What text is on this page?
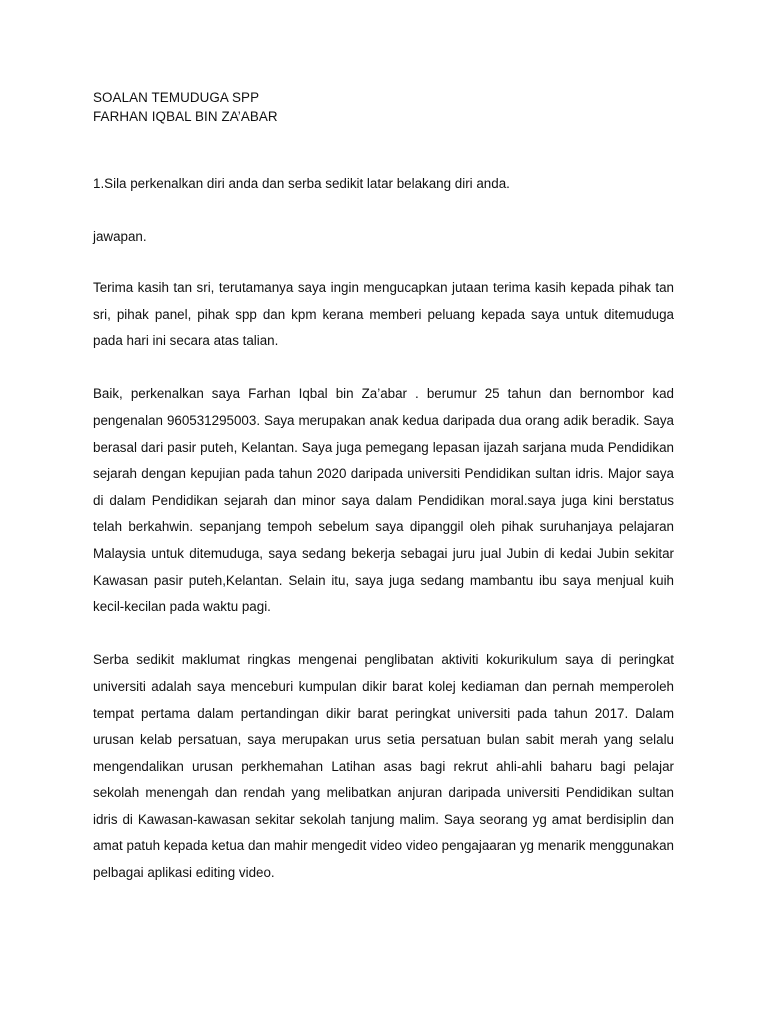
SOALAN TEMUDUGA SPP

FARHAN IQBAL BIN ZA’ABAR

1.Sila perkenalkan diri anda dan serba sedikit latar belakang diri anda.

jawapan.

Terima kasih tan sri, terutamanya saya ingin mengucapkan jutaan terima kasih kepada pihak tan sri, pihak panel, pihak spp dan kpm kerana memberi peluang kepada saya untuk ditemuduga pada hari ini secara atas talian.

Baik, perkenalkan saya Farhan Iqbal bin Za’abar . berumur 25 tahun dan bernombor kad pengenalan 960531295003. Saya merupakan anak kedua daripada dua orang adik beradik. Saya berasal dari pasir puteh, Kelantan. Saya juga pemegang lepasan ijazah sarjana muda Pendidikan sejarah dengan kepujian pada tahun 2020 daripada universiti Pendidikan sultan idris. Major saya di dalam Pendidikan sejarah dan minor saya dalam Pendidikan moral.saya juga kini berstatus telah berkahwin. sepanjang tempoh sebelum saya dipanggil oleh pihak suruhanjaya pelajaran Malaysia untuk ditemuduga, saya sedang bekerja sebagai juru jual Jubin di kedai Jubin sekitar Kawasan pasir puteh,Kelantan. Selain itu, saya juga sedang mambantu ibu saya menjual kuih kecil-kecilan pada waktu pagi.

Serba sedikit maklumat ringkas mengenai penglibatan aktiviti kokurikulum saya di peringkat universiti adalah saya menceburi kumpulan dikir barat kolej kediaman dan pernah memperoleh tempat pertama dalam pertandingan dikir barat peringkat universiti pada tahun 2017. Dalam urusan kelab persatuan, saya merupakan urus setia persatuan bulan sabit merah yang selalu mengendalikan urusan perkhemahan Latihan asas bagi rekrut ahli-ahli baharu bagi pelajar sekolah menengah dan rendah yang melibatkan anjuran daripada universiti Pendidikan sultan idris di Kawasan-kawasan sekitar sekolah tanjung malim. Saya seorang yg amat berdisiplin dan amat patuh kepada ketua dan mahir mengedit video video pengajaaran yg menarik menggunakan pelbagai aplikasi editing video.
